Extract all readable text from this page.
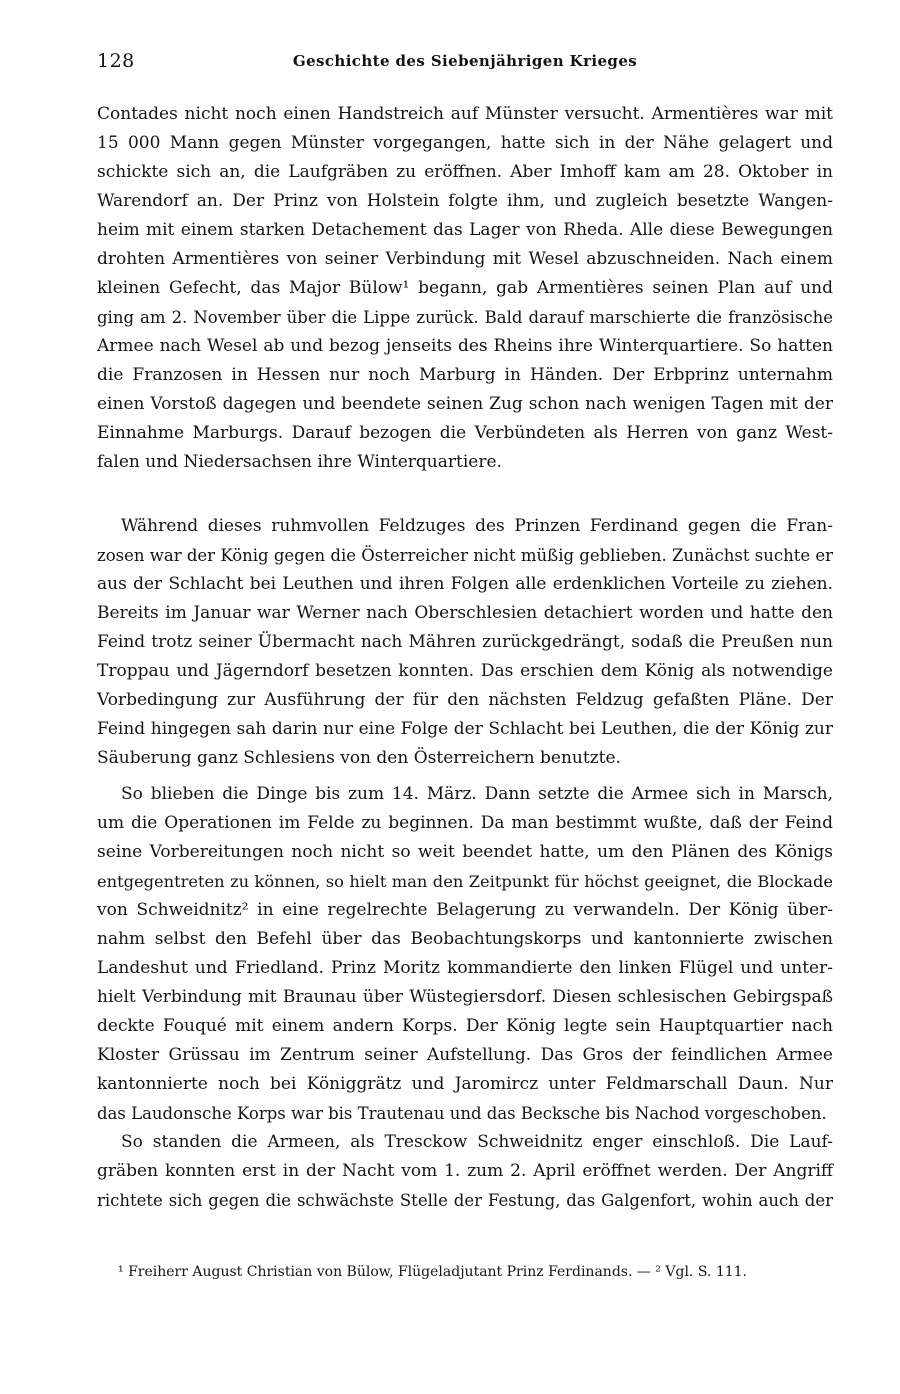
128	Geschichte des Siebenjährigen Krieges
Contades nicht noch einen Handstreich auf Münster versucht. Armentières war mit
15 000 Mann gegen Münster vorgegangen, hatte sich in der Nähe gelagert und
schickte sich an, die Laufgräben zu eröffnen. Aber Imhoff kam am 28. Oktober in
Warendorf an. Der Prinz von Holstein folgte ihm, und zugleich besetzte Wangen-
heim mit einem starken Detachement das Lager von Rheda. Alle diese Bewegungen
drohten Armentières von seiner Verbindung mit Wesel abzuschneiden. Nach einem
kleinen Gefecht, das Major Bülow¹ begann, gab Armentières seinen Plan auf und
ging am 2. November über die Lippe zurück. Bald darauf marschierte die französische
Armee nach Wesel ab und bezog jenseits des Rheins ihre Winterquartiere. So hatten
die Franzosen in Hessen nur noch Marburg in Händen. Der Erbprinz unternahm
einen Vorstoß dagegen und beendete seinen Zug schon nach wenigen Tagen mit der
Einnahme Marburgs. Darauf bezogen die Verbündeten als Herren von ganz West-
falen und Niedersachsen ihre Winterquartiere.
Während dieses ruhmvollen Feldzuges des Prinzen Ferdinand gegen die Fran-
zosen war der König gegen die Österreicher nicht müßig geblieben. Zunächst suchte er
aus der Schlacht bei Leuthen und ihren Folgen alle erdenklichen Vorteile zu ziehen.
Bereits im Januar war Werner nach Oberschlesien detachiert worden und hatte den
Feind trotz seiner Übermacht nach Mähren zurückgedrängt, sodaß die Preußen nun
Troppau und Jägerndorf besetzen konnten. Das erschien dem König als notwendige
Vorbedingung zur Ausführung der für den nächsten Feldzug gefaßten Pläne. Der
Feind hingegen sah darin nur eine Folge der Schlacht bei Leuthen, die der König zur
Säuberung ganz Schlesiens von den Österreichern benutzte.
So blieben die Dinge bis zum 14. März. Dann setzte die Armee sich in Marsch,
um die Operationen im Felde zu beginnen. Da man bestimmt wußte, daß der Feind
seine Vorbereitungen noch nicht so weit beendet hatte, um den Plänen des Königs
entgegentreten zu können, so hielt man den Zeitpunkt für höchst geeignet, die Blockade
von Schweidnitz² in eine regelrechte Belagerung zu verwandeln. Der König über-
nahm selbst den Befehl über das Beobachtungskorps und kantonnierte zwischen
Landeshut und Friedland. Prinz Moritz kommandierte den linken Flügel und unter-
hielt Verbindung mit Braunau über Wüstegiersdorf. Diesen schlesischen Gebirgspaß
deckte Fouqué mit einem andern Korps. Der König legte sein Hauptquartier nach
Kloster Grüssau im Zentrum seiner Aufstellung. Das Gros der feindlichen Armee
kantonnierte noch bei Königgrätz und Jaromircz unter Feldmarschall Daun. Nur
das Laudonsche Korps war bis Trautenau und das Becksche bis Nachod vorgeschoben.
So standen die Armeen, als Tresckow Schweidnitz enger einschloß. Die Lauf-
gräben konnten erst in der Nacht vom 1. zum 2. April eröffnet werden. Der Angriff
richtete sich gegen die schwächste Stelle der Festung, das Galgenfort, wohin auch der
¹ Freiherr August Christian von Bülow, Flügeladjutant Prinz Ferdinands. — ² Vgl. S. 111.
